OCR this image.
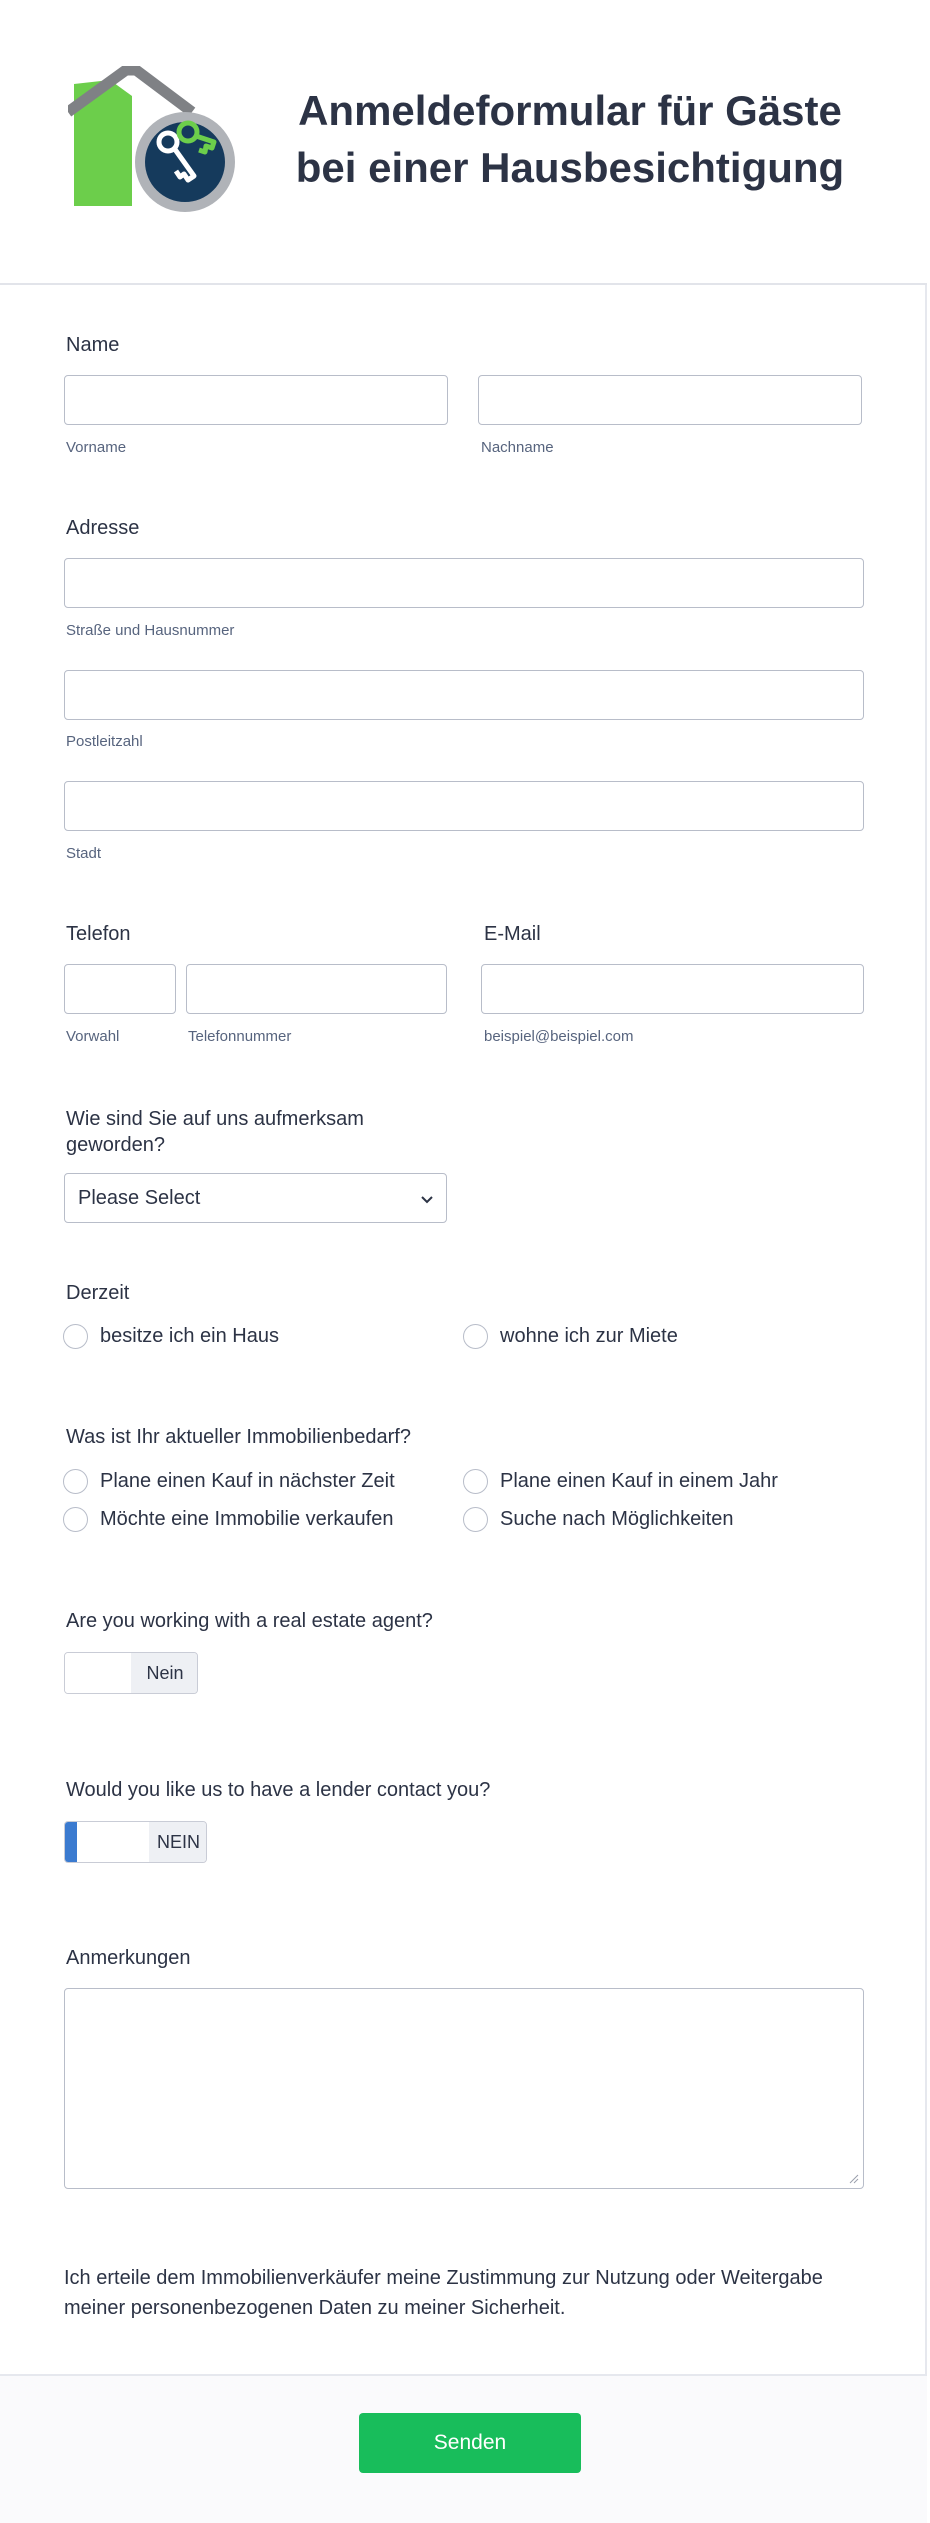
Anmeldeformular für Gäste bei einer Hausbesichtigung
Name
Vorname	Nachname
Adresse
Straße und Hausnummer
Postleitzahl
Stadt
Telefon	E-Mail
Vorwahl	Telefonnummer	beispiel@beispiel.com
Wie sind Sie auf uns aufmerksam geworden?
Please Select
Derzeit
besitze ich ein Haus	wohne ich zur Miete
Was ist Ihr aktueller Immobilienbedarf?
Plane einen Kauf in nächster Zeit	Plane einen Kauf in einem Jahr
Möchte eine Immobilie verkaufen	Suche nach Möglichkeiten
Are you working with a real estate agent?
Nein
Would you like us to have a lender contact you?
NEIN
Anmerkungen

Ich erteile dem Immobilienverkäufer meine Zustimmung zur Nutzung oder Weitergabe meiner personenbezogenen Daten zu meiner Sicherheit.

Senden
